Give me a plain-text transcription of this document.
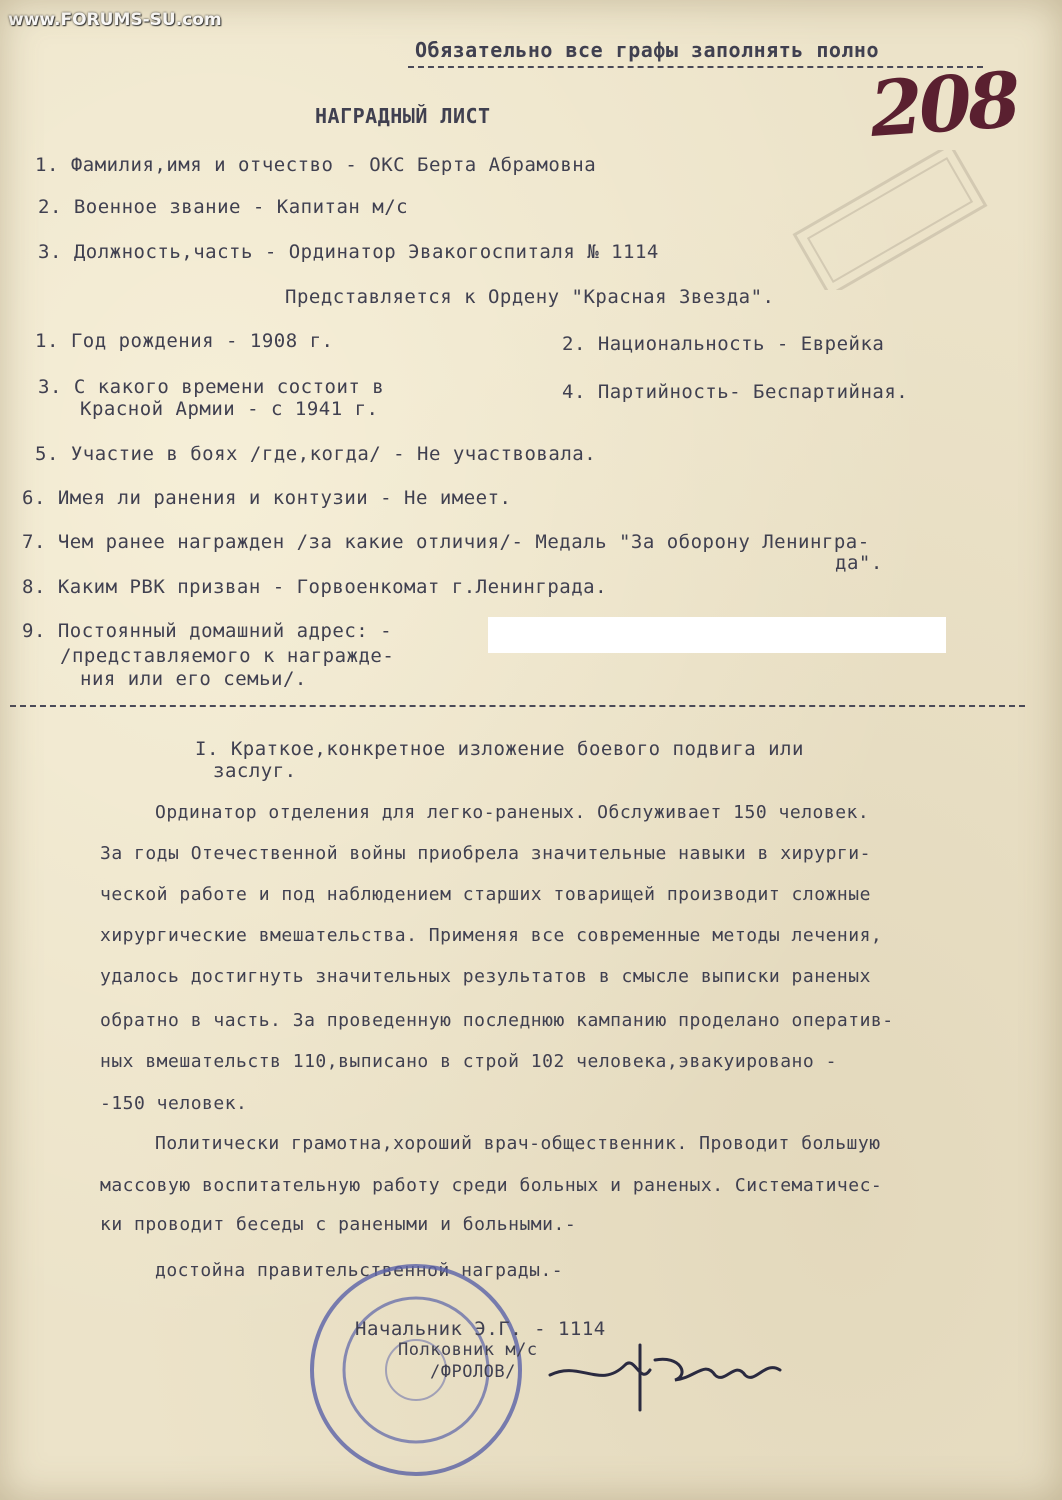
www.FORUMS-SU.com
Обязательно все графы заполнять полно
208
НАГРАДНЫЙ ЛИСТ
1. Фамилия,имя и отчество - ОКС Берта Абрамовна
2. Военное звание - Капитан м/с
3. Должность,часть - Ординатор Эвакогоспиталя № 1114
Представляется к Ордену "Красная Звезда".
1. Год рождения - 1908 г.	2. Национальность - Еврейка
3. С какого времени состоит в
Красной Армии - с 1941 г.
4. Партийность- Беспартийная.
5. Участие в боях /где,когда/ - Не участвовала.
6. Имея ли ранения и контузии - Не имеет.
7. Чем ранее награжден /за какие отличия/- Медаль "За оборону Ленингра-
да".
8. Каким РВК призван - Горвоенкомат г.Ленинграда.
9. Постоянный домашний адрес: -
/представляемого к награжде-
ния или его семьи/.
I. Краткое,конкретное изложение боевого подвига или
заслуг.
Ординатор отделения для легко-раненых. Обслуживает 150 человек.
За годы Отечественной войны приобрела значительные навыки в хирурги-
ческой работе и под наблюдением старших товарищей производит сложные
хирургические вмешательства. Применяя все современные методы лечения,
удалось достигнуть значительных результатов в смысле выписки раненых
обратно в часть. За проведенную последнюю кампанию проделано оператив-
ных вмешательств 110,выписано в строй 102 человека,эвакуировано -
-150 человек.
Политически грамотна,хороший врач-общественник. Проводит большую
массовую воспитательную работу среди больных и раненых. Систематичес-
ки проводит беседы с ранеными и больными.-
достойна правительственной награды.-
Начальник Э.Г. - 1114
Полковник м/с
/ФРОЛОВ/
